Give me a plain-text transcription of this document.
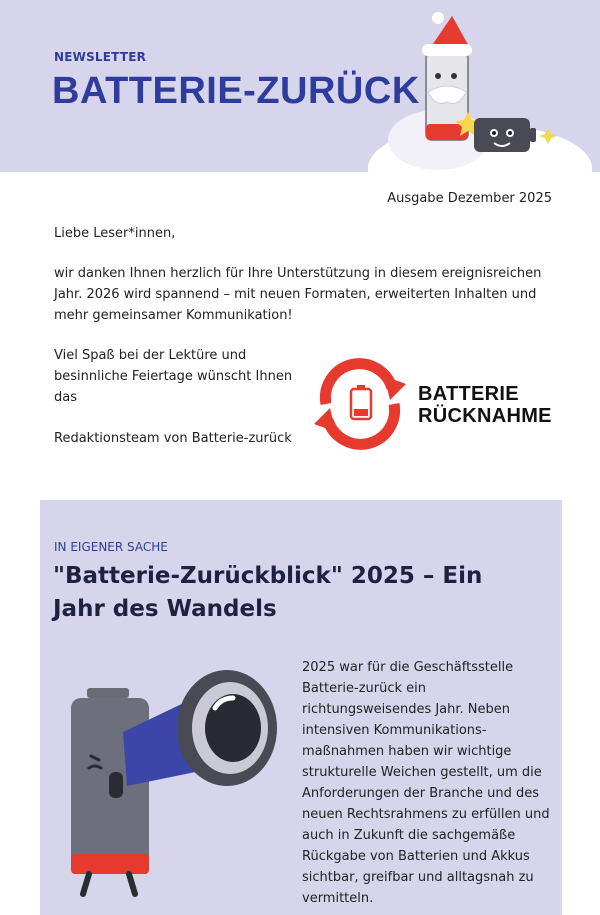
NEWSLETTER
BATTERIE-ZURÜCK
Ausgabe Dezember 2025
Liebe Leser*innen,
wir danken Ihnen herzlich für Ihre Unterstützung in diesem ereignisreichen Jahr. 2026 wird spannend – mit neuen Formaten, erweiterten Inhalten und mehr gemeinsamer Kommunikation!
Viel Spaß bei der Lektüre und besinnliche Feiertage wünscht Ihnen das
Redaktionsteam von Batterie-zurück
BATTERIE
RÜCKNAHME
IN EIGENER SACHE
"Batterie-Zurückblick" 2025 – Ein Jahr des Wandels
2025 war für die Geschäftsstelle Batterie-zurück ein richtungsweisendes Jahr. Neben intensiven Kommunikations-maßnahmen haben wir wichtige strukturelle Weichen gestellt, um die Anforderungen der Branche und des neuen Rechtsrahmens zu erfüllen und auch in Zukunft die sachgemäße Rückgabe von Batterien und Akkus sichtbar, greifbar und alltagsnah zu vermitteln.
